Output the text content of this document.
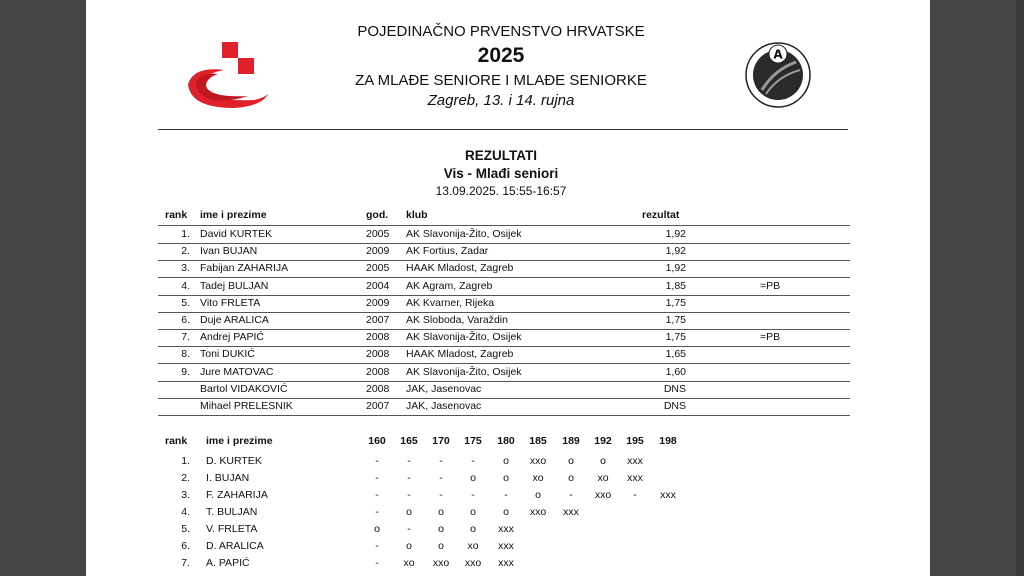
A
POJEDINAČNO PRVENSTVO HRVATSKE
2025
ZA MLAĐE SENIORE I MLAĐE SENIORKE
Zagreb, 13. i 14. rujna
REZULTATI
Vis - Mlađi seniori
13.09.2025. 15:55-16:57
rank ime i prezime	god. klub	rezultat
1. David KURTEK	2005 AK Slavonija-Žito, Osijek	1,92
2. Ivan BUJAN	2009 AK Fortius, Zadar	1,92
3. Fabijan ZAHARIJA	2005 HAAK Mladost, Zagreb	1,92
4. Tadej BULJAN	2004 AK Agram, Zagreb	1,85	=PB
5. Vito FRLETA	2009 AK Kvarner, Rijeka	1,75
6. Duje ARALICA	2007 AK Sloboda, Varaždin	1,75
7. Andrej PAPIĆ	2008 AK Slavonija-Žito, Osijek	1,75	=PB
8. Toni DUKIĆ	2008 HAAK Mladost, Zagreb	1,65
9. Jure MATOVAC	2008 AK Slavonija-Žito, Osijek	1,60
Bartol VIDAKOVIĆ	2008 JAK, Jasenovac	DNS
Mihael PRELESNIK	2007 JAK, Jasenovac	DNS
rank ime i prezime	160	165	170	175	180	185	189	192	195	198
1. D. KURTEK	-	-	-	-	o	xxo	o	o	xxx
2. I. BUJAN	-	-	-	o	o	xo	o	xo	xxx
3. F. ZAHARIJA	-	-	-	-	-	o	-	xxo	-	xxx
4. T. BULJAN	-	o	o	o	o	xxo	xxx
5. V. FRLETA	o	-	o	o	xxx
6. D. ARALICA	-	o	o	xo	xxx
7. A. PAPIĆ	-	xo	xxo	xxo	xxx
